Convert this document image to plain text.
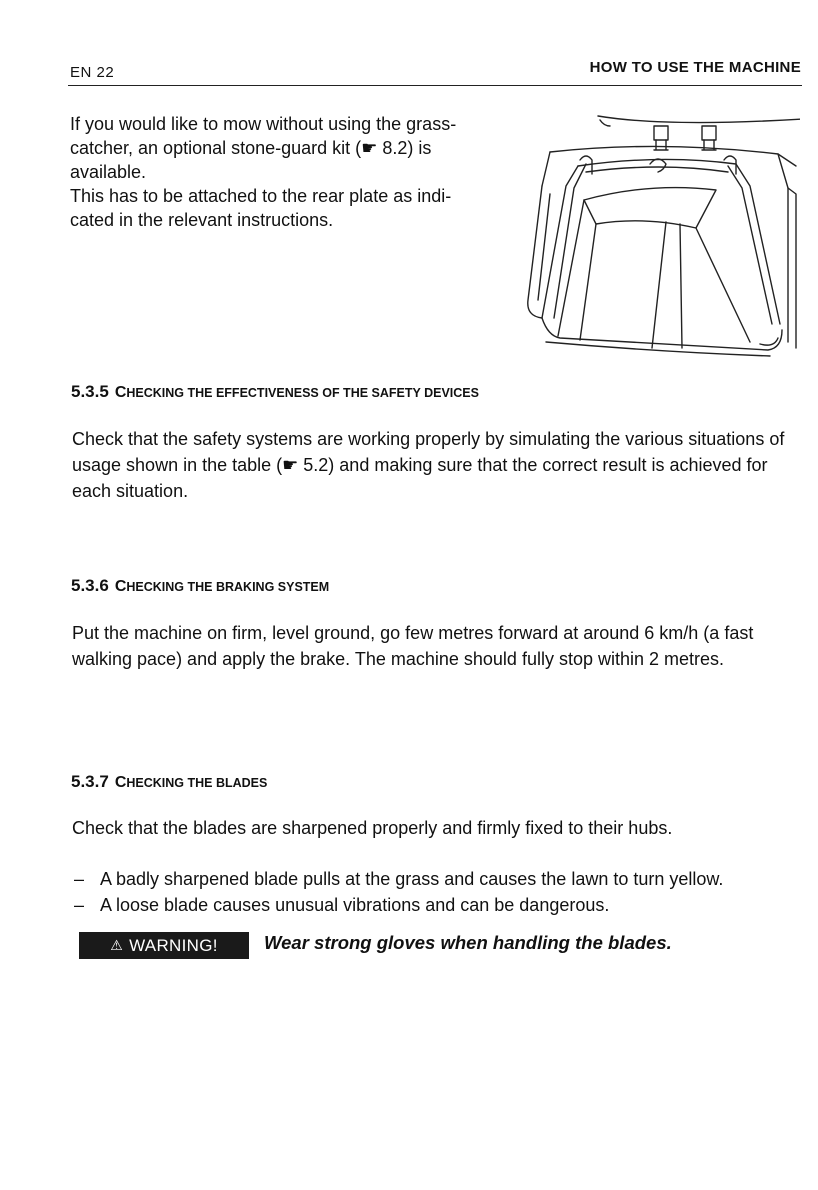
EN 22	HOW TO USE THE MACHINE

If you would like to mow without using the grass-

catcher, an optional stone-guard kit (☛ 8.2) is

available.

This has to be attached to the rear plate as indi-

cated in the relevant instructions.

5.3.5 CHECKING THE EFFECTIVENESS OF THE SAFETY DEVICES

Check that the safety systems are working properly by simulating the various situations of usage shown in the table (☛ 5.2) and making sure that the correct result is achieved for each situation.

5.3.6 CHECKING THE BRAKING SYSTEM

Put the machine on firm, level ground, go few metres forward at around 6 km/h (a fast walking pace) and apply the brake. The machine should fully stop within 2 metres.

5.3.7 CHECKING THE BLADES

Check that the blades are sharpened properly and firmly fixed to their hubs.

– A badly sharpened blade pulls at the grass and causes the lawn to turn yellow.
– A loose blade causes unusual vibrations and can be dangerous.
⚠ WARNING!	Wear strong gloves when handling the blades.
